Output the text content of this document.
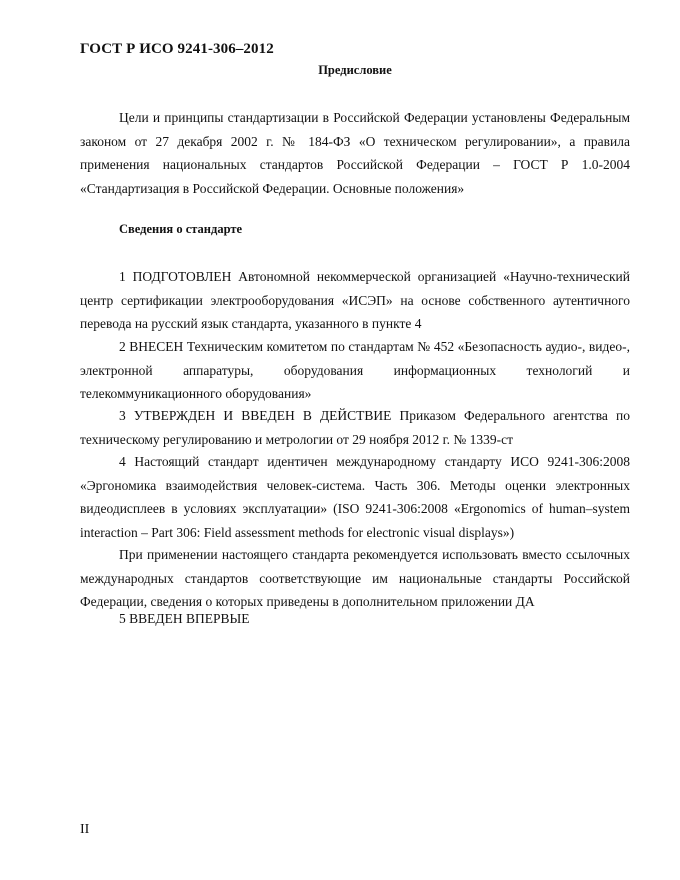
ГОСТ Р ИСО 9241-306–2012
Предисловие

Цели и принципы стандартизации в Российской Федерации установлены Федеральным законом от 27 декабря 2002 г. № 184-ФЗ «О техническом регулировании», а правила применения национальных стандартов Российской Федерации – ГОСТ Р 1.0-2004 «Стандартизация в Российской Федерации. Основные положения»

Сведения о стандарте

1 ПОДГОТОВЛЕН Автономной некоммерческой организацией «Научно-технический центр сертификации электрооборудования «ИСЭП» на основе собственного аутентичного перевода на русский язык стандарта, указанного в пункте 4

2 ВНЕСЕН Техническим комитетом по стандартам № 452 «Безопасность аудио-, видео-, электронной аппаратуры, оборудования информационных технологий и телекоммуникационного оборудования»

3 УТВЕРЖДЕН И ВВЕДЕН В ДЕЙСТВИЕ Приказом Федерального агентства по техническому регулированию и метрологии от 29 ноября 2012 г. № 1339-ст

4 Настоящий стандарт идентичен международному стандарту ИСО 9241-306:2008 «Эргономика взаимодействия человек-система. Часть 306. Методы оценки электронных видеодисплеев в условиях эксплуатации» (ISO 9241-306:2008 «Ergonomics of human–system interaction – Part 306: Field assessment methods for electronic visual displays»)

При применении настоящего стандарта рекомендуется использовать вместо ссылочных международных стандартов соответствующие им национальные стандарты Российской Федерации, сведения о которых приведены в дополнительном приложении ДА

5 ВВЕДЕН ВПЕРВЫЕ

II
